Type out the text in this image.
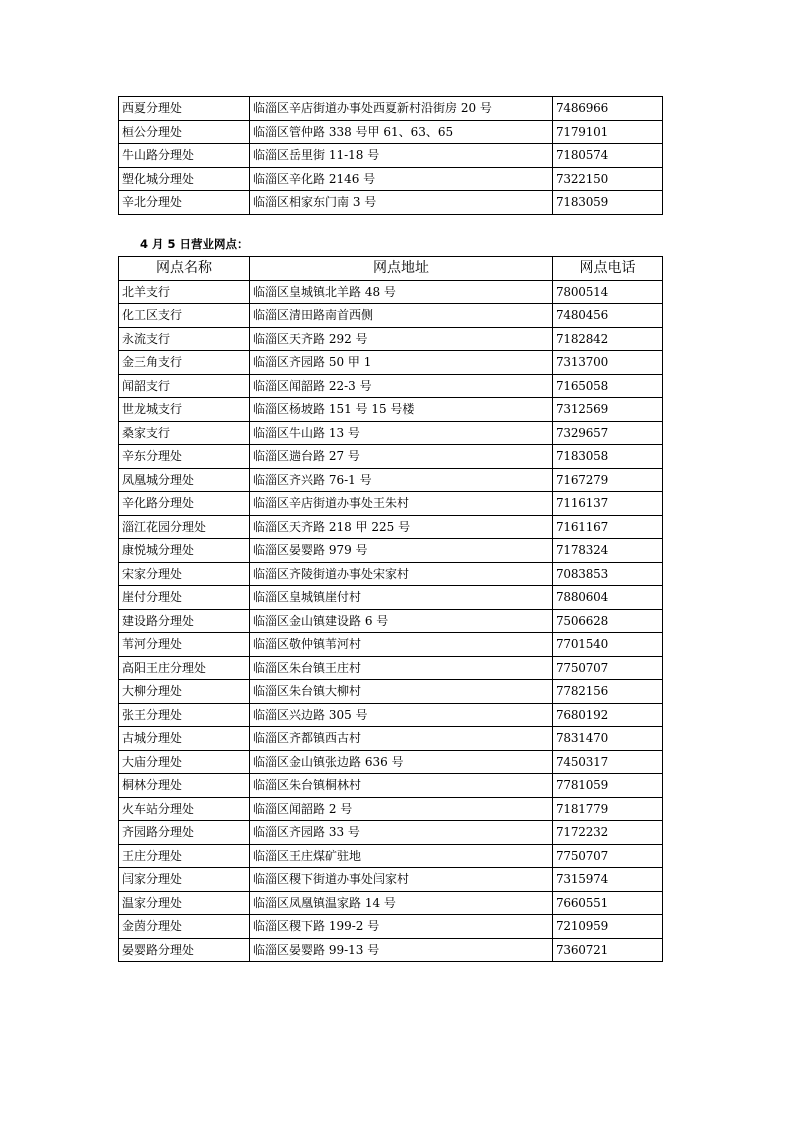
西夏分理处	临淄区辛店街道办事处西夏新村沿街房 20 号	7486966
桓公分理处	临淄区管仲路 338 号甲 61、63、65	7179101
牛山路分理处	临淄区岳里街 11-18 号	7180574
塑化城分理处	临淄区辛化路 2146 号	7322150
辛北分理处	临淄区相家东门南 3 号	7183059
4 月 5 日营业网点：
网点名称	网点地址	网点电话
北羊支行	临淄区皇城镇北羊路 48 号	7800514
化工区支行	临淄区清田路南首西侧	7480456
永流支行	临淄区天齐路 292 号	7182842
金三角支行	临淄区齐园路 50 甲 1	7313700
闻韶支行	临淄区闻韶路 22-3 号	7165058
世龙城支行	临淄区杨坡路 151 号 15 号楼	7312569
桑家支行	临淄区牛山路 13 号	7329657
辛东分理处	临淄区遄台路 27 号	7183058
凤凰城分理处	临淄区齐兴路 76-1 号	7167279
辛化路分理处	临淄区辛店街道办事处王朱村	7116137
淄江花园分理处	临淄区天齐路 218 甲 225 号	7161167
康悦城分理处	临淄区晏婴路 979 号	7178324
宋家分理处	临淄区齐陵街道办事处宋家村	7083853
崖付分理处	临淄区皇城镇崖付村	7880604
建设路分理处	临淄区金山镇建设路 6 号	7506628
苇河分理处	临淄区敬仲镇苇河村	7701540
高阳王庄分理处	临淄区朱台镇王庄村	7750707
大柳分理处	临淄区朱台镇大柳村	7782156
张王分理处	临淄区兴边路 305 号	7680192
古城分理处	临淄区齐都镇西古村	7831470
大庙分理处	临淄区金山镇张边路 636 号	7450317
桐林分理处	临淄区朱台镇桐林村	7781059
火车站分理处	临淄区闻韶路 2 号	7181779
齐园路分理处	临淄区齐园路 33 号	7172232
王庄分理处	临淄区王庄煤矿驻地	7750707
闫家分理处	临淄区稷下街道办事处闫家村	7315974
温家分理处	临淄区凤凰镇温家路 14 号	7660551
金茵分理处	临淄区稷下路 199-2 号	7210959
晏婴路分理处	临淄区晏婴路 99-13 号	7360721
